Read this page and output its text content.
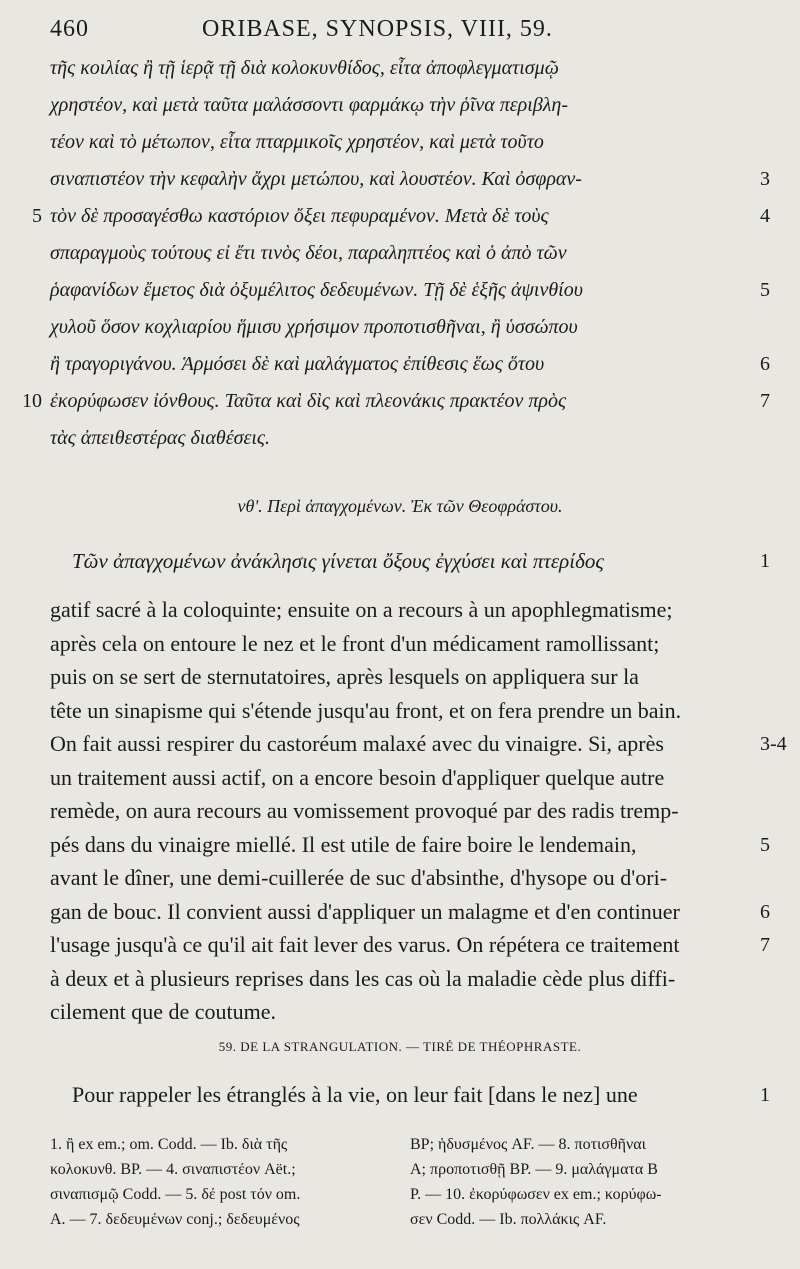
460	ORIBASE, SYNOPSIS, VIII, 59.
τῆς κοιλίας ἢ τῇ ἱερᾷ τῇ διὰ κολοκυνθίδος, εἶτα ἀποφλεγματισμῷ
χρηστέον, καὶ μετὰ ταῦτα μαλάσσοντι φαρμάκῳ τὴν ῥῖνα περιβλη-
τέον καὶ τὸ μέτωπον, εἶτα πταρμικοῖς χρηστέον, καὶ μετὰ τοῦτο
σιναπιστέον τὴν κεφαλὴν ἄχρι μετώπου, καὶ λουστέον. Καὶ ὀσφραν-	3
τὸν δὲ προσαγέσθω καστόριον ὄξει πεφυραμένον. Μετὰ δὲ τοὺς
5	4
σπαραγμοὺς τούτους εἰ ἔτι τινὸς δέοι, παραληπτέος καὶ ὁ ἀπὸ τῶν
ῥαφανίδων ἔμετος διὰ ὀξυμέλιτος δεδευμένων. Τῇ δὲ ἑξῆς ἀψινθίου	5
χυλοῦ ὅσον κοχλιαρίου ἥμισυ χρήσιμον προποτισθῆναι, ἢ ὑσσώπου
ἢ τραγοριγάνου. Ἁρμόσει δὲ καὶ μαλάγματος ἐπίθεσις ἕως ὅτου	6
ἐκορύφωσεν ἰόνθους. Ταῦτα καὶ δὶς καὶ πλεονάκις πρακτέον πρὸς
10	7
τὰς ἀπειθεστέρας διαθέσεις.
νθʹ. Περὶ ἀπαγχομένων. Ἐκ τῶν Θεοφράστου.
Τῶν ἀπαγχομένων ἀνάκλησις γίνεται ὄξους ἐγχύσει καὶ πτερίδος	1
gatif sacré à la coloquinte; ensuite on a recours à un apophlegmatisme;
après cela on entoure le nez et le front d'un médicament ramollissant;
puis on se sert de sternutatoires, après lesquels on appliquera sur la
tête un sinapisme qui s'étende jusqu'au front, et on fera prendre un bain.
On fait aussi respirer du castoréum malaxé avec du vinaigre. Si, après	3-4
un traitement aussi actif, on a encore besoin d'appliquer quelque autre
remède, on aura recours au vomissement provoqué par des radis tremp-
pés dans du vinaigre miellé. Il est utile de faire boire le lendemain,	5
avant le dîner, une demi-cuillerée de suc d'absinthe, d'hysope ou d'ori-
gan de bouc. Il convient aussi d'appliquer un malagme et d'en continuer	6
l'usage jusqu'à ce qu'il ait fait lever des varus. On répétera ce traitement	7
à deux et à plusieurs reprises dans les cas où la maladie cède plus diffi-
cilement que de coutume.
59. DE LA STRANGULATION. — TIRÉ DE THÉOPHRASTE.
Pour rappeler les étranglés à la vie, on leur fait [dans le nez] une	1
1. ἢ ex em.; om. Codd. — Ib. διὰ τῆς
κολοκυνθ. BP. — 4. σιναπιστέον Aët.;
σιναπισμῷ Codd. — 5. δέ post τόν om.
A. — 7. δεδευμένων conj.; δεδευμένος
BP; ἡδυσμένος AF. — 8. ποτισθῆναι
A; προποτισθῇ BP. — 9. μαλάγματα B
P. — 10. ἐκορύφωσεν ex em.; κορύφω-
σεν Codd. — Ib. πολλάκις AF.
